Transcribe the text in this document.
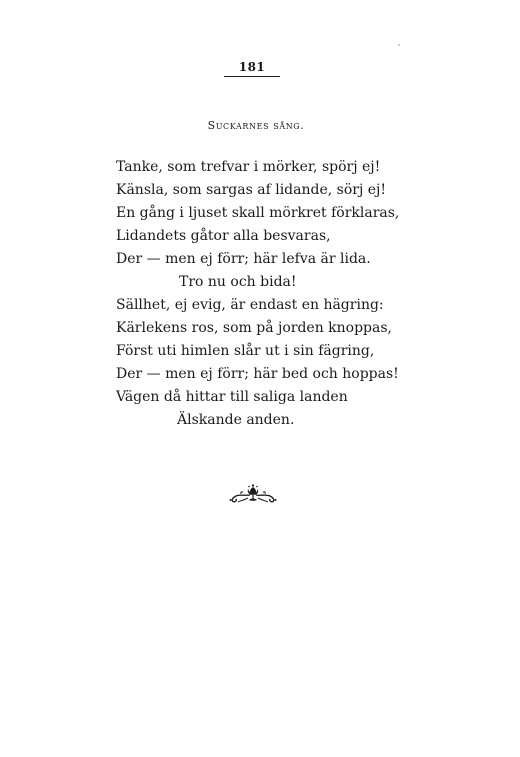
181
Suckarnes sång.
Tanke, som trefvar i mörker, spörj ej!
Känsla, som sargas af lidande, sörj ej!
En gång i ljuset skall mörkret förklaras,
Lidandets gåtor alla besvaras,
Der — men ej förr; här lefva är lida.
Tro nu och bida!
Sällhet, ej evig, är endast en hägring:
Kärlekens ros, som på jorden knoppas,
Först uti himlen slår ut i sin fägring,
Der — men ej förr; här bed och hoppas!
Vägen då hittar till saliga landen
Älskande anden.
